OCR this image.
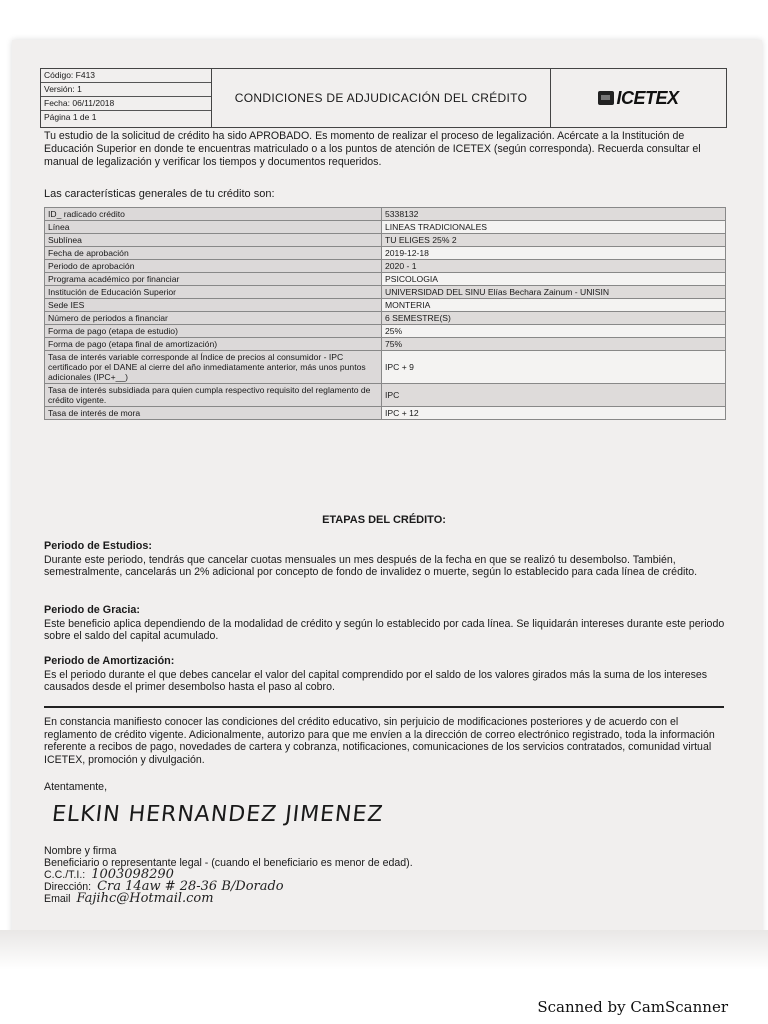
Código: F413
Versión: 1
Fecha: 06/11/2018
Página 1 de 1
CONDICIONES DE ADJUDICACIÓN DEL CRÉDITO	ICETEX
Tu estudio de la solicitud de crédito ha sido APROBADO. Es momento de realizar el proceso de legalización. Acércate a la Institución de Educación Superior en donde te encuentras matriculado o a los puntos de atención de ICETEX (según corresponda). Recuerda consultar el manual de legalización y verificar los tiempos y documentos requeridos.
Las características generales de tu crédito son:
ID_ radicado crédito	5338132
Línea	LINEAS TRADICIONALES
Sublínea	TU ELIGES 25% 2
Fecha de aprobación	2019-12-18
Periodo de aprobación	2020 - 1
Programa académico por financiar	PSICOLOGIA
Institución de Educación Superior	UNIVERSIDAD DEL SINU Elías Bechara Zainum - UNISIN
Sede IES	MONTERIA
Número de periodos a financiar	6 SEMESTRE(S)
Forma de pago (etapa de estudio)	25%
Forma de pago (etapa final de amortización)	75%
Tasa de interés variable corresponde al Índice de precios al consumidor - IPC certificado por el DANE al cierre del año inmediatamente anterior, más unos puntos adicionales (IPC+__)	IPC + 9
Tasa de interés subsidiada para quien cumpla respectivo requisito del reglamento de crédito vigente.	IPC
Tasa de interés de mora	IPC + 12
ETAPAS DEL CRÉDITO:
Periodo de Estudios:
Durante este periodo, tendrás que cancelar cuotas mensuales un mes después de la fecha en que se realizó tu desembolso. También, semestralmente, cancelarás un 2% adicional por concepto de fondo de invalidez o muerte, según lo establecido para cada línea de crédito.
Periodo de Gracia:
Este beneficio aplica dependiendo de la modalidad de crédito y según lo establecido por cada línea. Se liquidarán intereses durante este periodo sobre el saldo del capital acumulado.
Periodo de Amortización:
Es el periodo durante el que debes cancelar el valor del capital comprendido por el saldo de los valores girados más la suma de los intereses causados desde el primer desembolso hasta el paso al cobro.
En constancia manifiesto conocer las condiciones del crédito educativo, sin perjuicio de modificaciones posteriores y de acuerdo con el reglamento de crédito vigente. Adicionalmente, autorizo para que me envíen a la dirección de correo electrónico registrado, toda la información referente a recibos de pago, novedades de cartera y cobranza, notificaciones, comunicaciones de los servicios contratados, comunidad virtual ICETEX, promoción y divulgación.
Atentamente,
ELKIN HERNANDEZ JIMENEZ
Nombre y firma
Beneficiario o representante legal - (cuando el beneficiario es menor de edad).
C.C./T.I.: 1003098290
Dirección: Cra 14aw # 28-36 B/Dorado
Email Fajihc@Hotmail.com
Scanned by CamScanner
